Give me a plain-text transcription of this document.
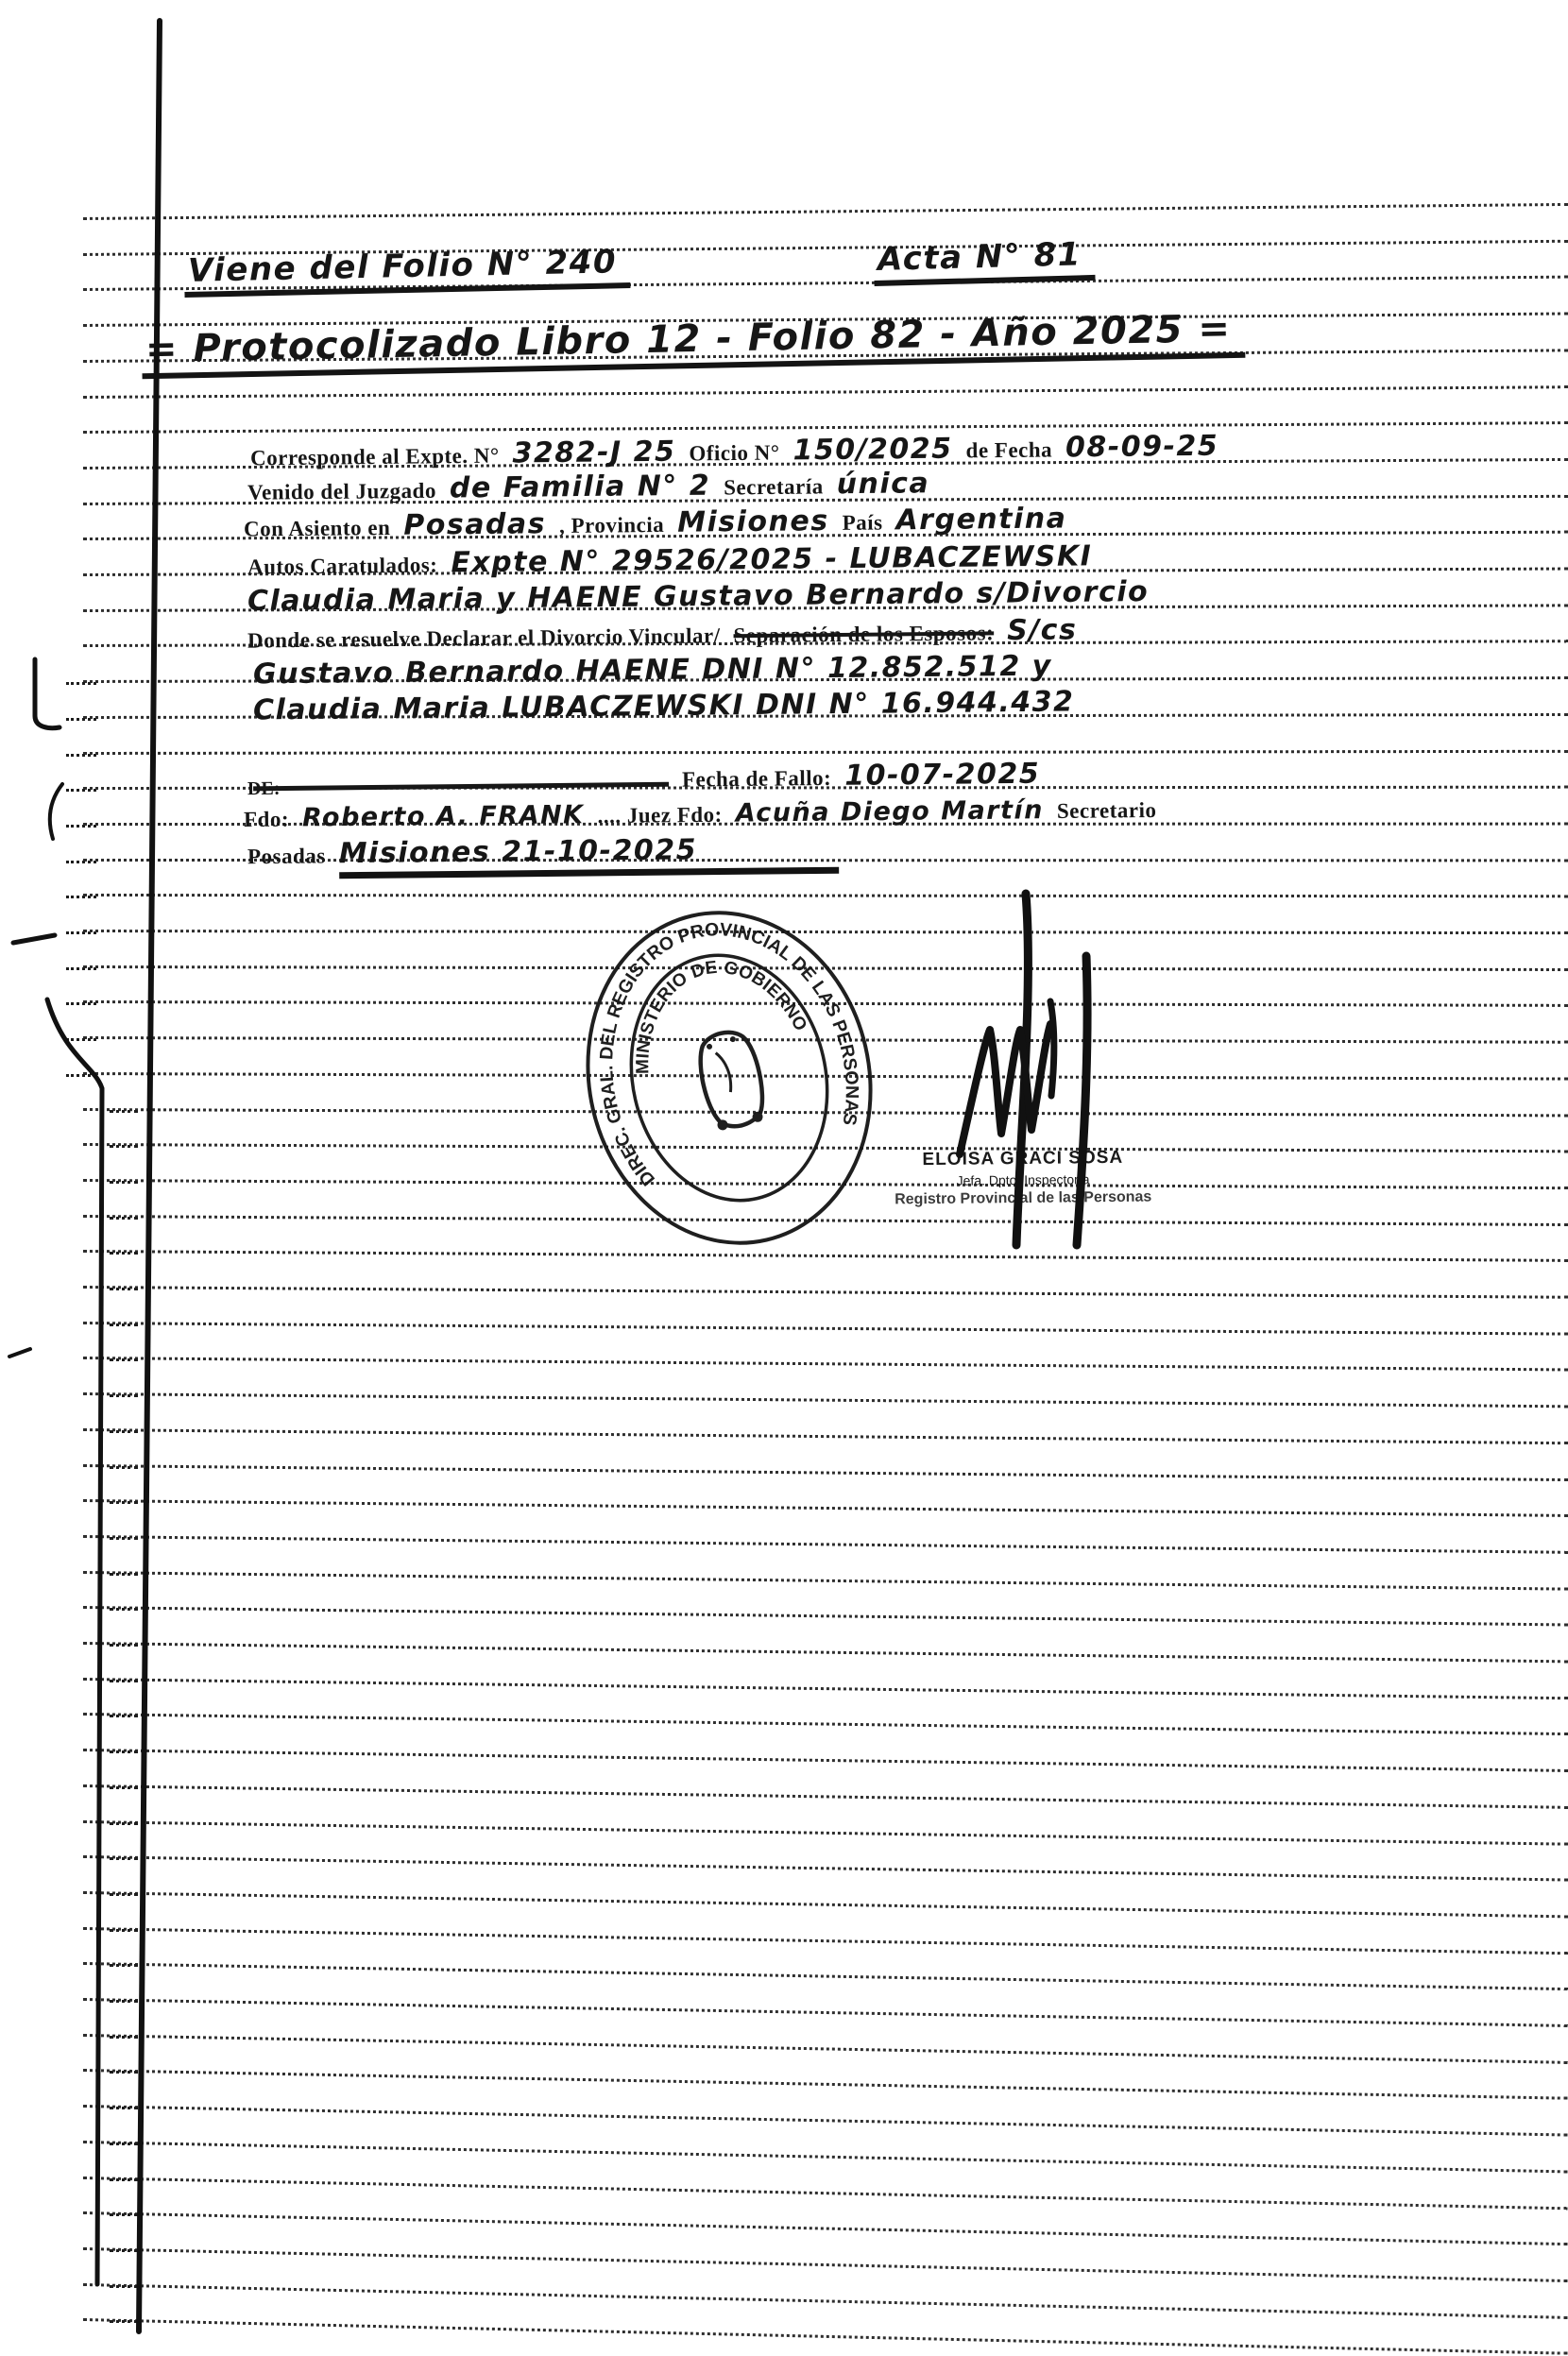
Viene del Folio N° 240	Acta N° 81
= Protocolizado Libro 12 - Folio 82 - Año 2025 =
Corresponde al Expte. N° 3282-J 25 Oficio N° 150/2025 de Fecha 08-09-25
Venido del Juzgado de Familia N° 2 Secretaría única
Con Asiento en Posadas , Provincia Misiones País Argentina
Autos Caratulados: Expte N° 29526/2025 - LUBACZEWSKI
Claudia Maria y HAENE Gustavo Bernardo s/Divorcio
Donde se resuelve Declarar el Divorcio Vincular/ Separación de los Esposos: S/cs
Gustavo Bernardo HAENE DNI N° 12.852.512 y
Claudia Maria LUBACZEWSKI DNI N° 16.944.432
DE:	Fecha de Fallo: 10-07-2025
Fdo: Roberto A. FRANK .... Juez Fdo: Acuña Diego Martín Secretario
Posadas Misiones 21-10-2025
DIREC. GRAL. DEL REGISTRO PROVINCIAL DE LAS PERSONAS
MINISTERIO DE GOBIERNO
ELOISA GRACI SOSA
Jefa. Dpto. Inspectoría
Registro Provincial de las Personas
